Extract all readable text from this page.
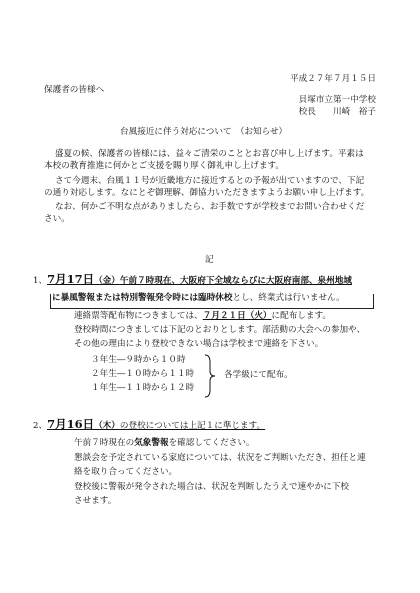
平成２７年７月１５日
保護者の皆様へ
貝塚市立第一中学校
校長　　川崎　裕子
台風接近に伴う対応について　（お知らせ）
盛夏の候、保護者の皆様には、益々ご清栄のこととお喜び申し上げます。平素は
本校の教育推進に何かとご支援を賜り厚く御礼申し上げます。
さて今週末、台風１１号が近畿地方に接近するとの予報が出ていますので、下記
の通り対応します。なにとぞ御理解、御協力いただきますようお願い申し上げます。
なお、何かご不明な点がありましたら、お手数ですが学校までお問い合わせくだ
さい。
記
1、7月17日（金）午前７時現在、大阪府下全域ならびに大阪府南部、泉州地域
に暴風警報または特別警報発令時には臨時休校とし、終業式は行いません。
連絡票等配布物につきましては、７月２１日（火）に配布します。
登校時間につきましては下記のとおりとします。部活動の大会への参加や、
その他の理由により登校できない場合は学校まで連絡を下さい。
３年生―９時から１０時
２年生―１０時から１１時
１年生―１１時から１２時
各学級にて配布。
2、7月16日（木）の登校については上記１に準じます。
午前７時現在の気象警報を確認してください。
懇談会を予定されている家庭については、状況をご判断いただき、担任と連
絡を取り合ってください。
登校後に警報が発令された場合は、状況を判断したうえで速やかに下校
させます。
